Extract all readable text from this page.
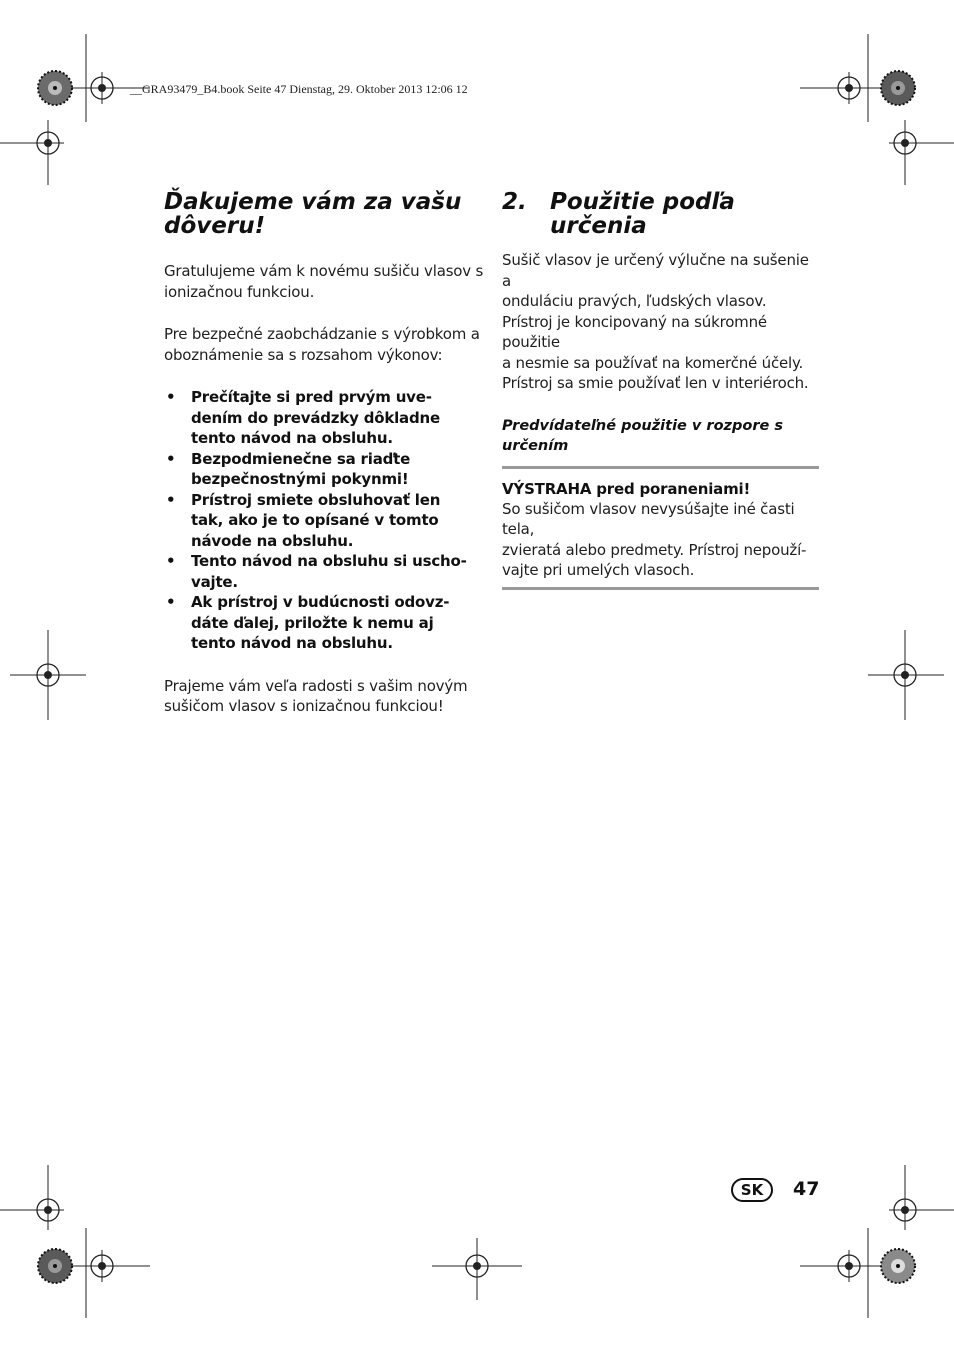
__GRA93479_B4.book Seite 47 Dienstag, 29. Oktober 2013 12:06 12
Ďakujeme vám za vašu
dôveru!

Gratulujeme vám k novému sušiču vlasov s
ionizačnou funkciou.

Pre bezpečné zaobchádzanie s výrobkom a
oboznámenie sa s rozsahom výkonov:

• Prečítajte si pred prvým uve-
dením do prevádzky dôkladne
tento návod na obsluhu.
• Bezpodmienečne sa riaďte
bezpečnostnými pokynmi!
• Prístroj smiete obsluhovať len
tak, ako je to opísané v tomto
návode na obsluhu.
• Tento návod na obsluhu si uscho-
vajte.
• Ak prístroj v budúcnosti odovz-
dáte ďalej, priložte k nemu aj
tento návod na obsluhu.

Prajeme vám veľa radosti s vašim novým
sušičom vlasov s ionizačnou funkciou!

2.	Použitie podľa
určenia

Sušič vlasov je určený výlučne na sušenie a
onduláciu pravých, ľudských vlasov.
Prístroj je koncipovaný na súkromné použitie
a nesmie sa používať na komerčné účely.
Prístroj sa smie používať len v interiéroch.

Predvídateľné použitie v rozpore s
určením

VÝSTRAHA pred poraneniami!

So sušičom vlasov nevysúšajte iné časti tela,
zvieratá alebo predmety. Prístroj nepouží-
vajte pri umelých vlasoch.

SK	47
